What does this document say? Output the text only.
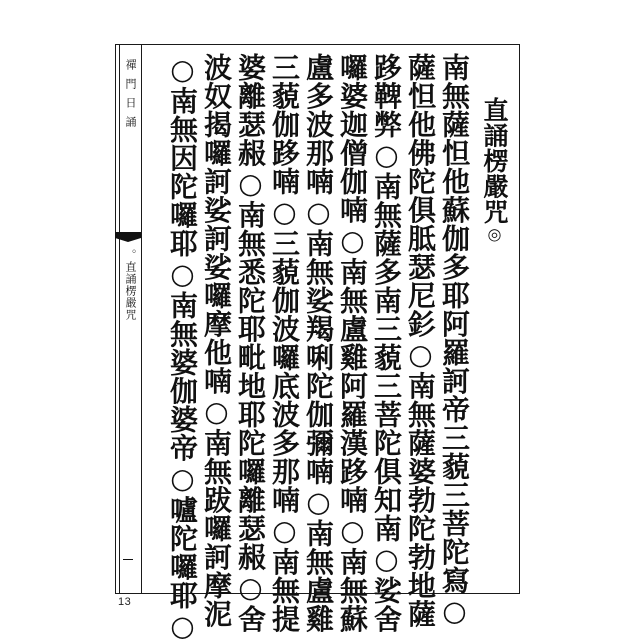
禪門日誦
。直誦楞嚴咒
直誦楞嚴咒◎
南無薩怛他蘇伽多耶阿羅訶帝三藐三菩陀寫○
薩怛他佛陀俱胝瑟尼釤○南無薩婆勃陀勃地薩
跢鞞弊○南無薩多南三藐三菩陀俱知南○娑舍
囉婆迦僧伽喃○南無盧雞阿羅漢跢喃○南無蘇
盧多波那喃○南無娑羯唎陀伽彌喃○南無盧雞
三藐伽跢喃○三藐伽波囉底波多那喃○南無提
婆離瑟赧○南無悉陀耶毗地耶陀囉離瑟赧○舍
波奴揭囉訶娑訶娑囉摩他喃○南無跋囉訶摩泥
○南無因陀囉耶○南無婆伽婆帝○嚧陀囉耶○
13
